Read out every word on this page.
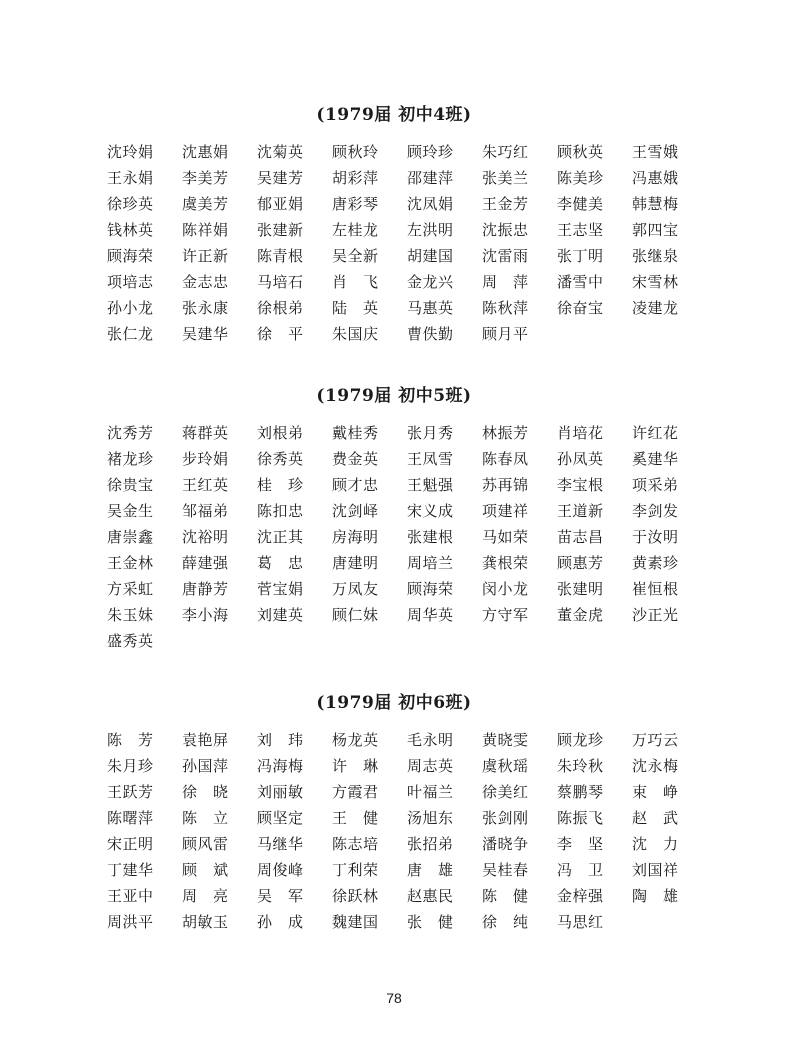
(1979届 初中4班)
沈玲娟 沈惠娟 沈菊英 顾秋玲 顾玲珍 朱巧红 顾秋英 王雪娥
王永娟 李美芳 吴建芳 胡彩萍 邵建萍 张美兰 陈美珍 冯惠娥
徐珍英 虞美芳 郁亚娟 唐彩琴 沈凤娟 王金芳 李健美 韩慧梅
钱林英 陈祥娟 张建新 左桂龙 左洪明 沈振忠 王志坚 郭四宝
顾海荣 许正新 陈青根 吴全新 胡建国 沈雷雨 张丁明 张继泉
项培志 金志忠 马培石 肖 飞 金龙兴 周 萍 潘雪中 宋雪林
孙小龙 张永康 徐根弟 陆 英 马惠英 陈秋萍 徐奋宝 凌建龙
张仁龙 吴建华 徐 平 朱国庆 曹佚勤 顾月平
(1979届 初中5班)
沈秀芳 蒋群英 刘根弟 戴桂秀 张月秀 林振芳 肖培花 许红花
褚龙珍 步玲娟 徐秀英 费金英 王凤雪 陈春凤 孙凤英 奚建华
徐贵宝 王红英 桂 珍 顾才忠 王魁强 苏再锦 李宝根 项采弟
吴金生 邹福弟 陈扣忠 沈剑峄 宋义成 项建祥 王道新 李剑发
唐崇鑫 沈裕明 沈正其 房海明 张建根 马如荣 苗志昌 于汝明
王金林 薛建强 葛 忠 唐建明 周培兰 龚根荣 顾惠芳 黄素珍
方采虹 唐静芳 菅宝娟 万凤友 顾海荣 闵小龙 张建明 崔恒根
朱玉妹 李小海 刘建英 顾仁妹 周华英 方守军 董金虎 沙正光
盛秀英
(1979届 初中6班)
陈 芳 袁艳屏 刘 玮 杨龙英 毛永明 黄晓雯 顾龙珍 万巧云
朱月珍 孙国萍 冯海梅 许 琳 周志英 虞秋瑶 朱玲秋 沈永梅
王跃芳 徐 晓 刘丽敏 方霞君 叶福兰 徐美红 蔡鹏琴 束 峥
陈曙萍 陈 立 顾坚定 王 健 汤旭东 张剑刚 陈振飞 赵 武
宋正明 顾风雷 马继华 陈志培 张招弟 潘晓争 李 坚 沈 力
丁建华 顾 斌 周俊峰 丁利荣 唐 雄 吴桂春 冯 卫 刘国祥
王亚中 周 亮 吴 军 徐跃林 赵惠民 陈 健 金梓强 陶 雄
周洪平 胡敏玉 孙 成 魏建国 张 健 徐 纯 马思红
78
